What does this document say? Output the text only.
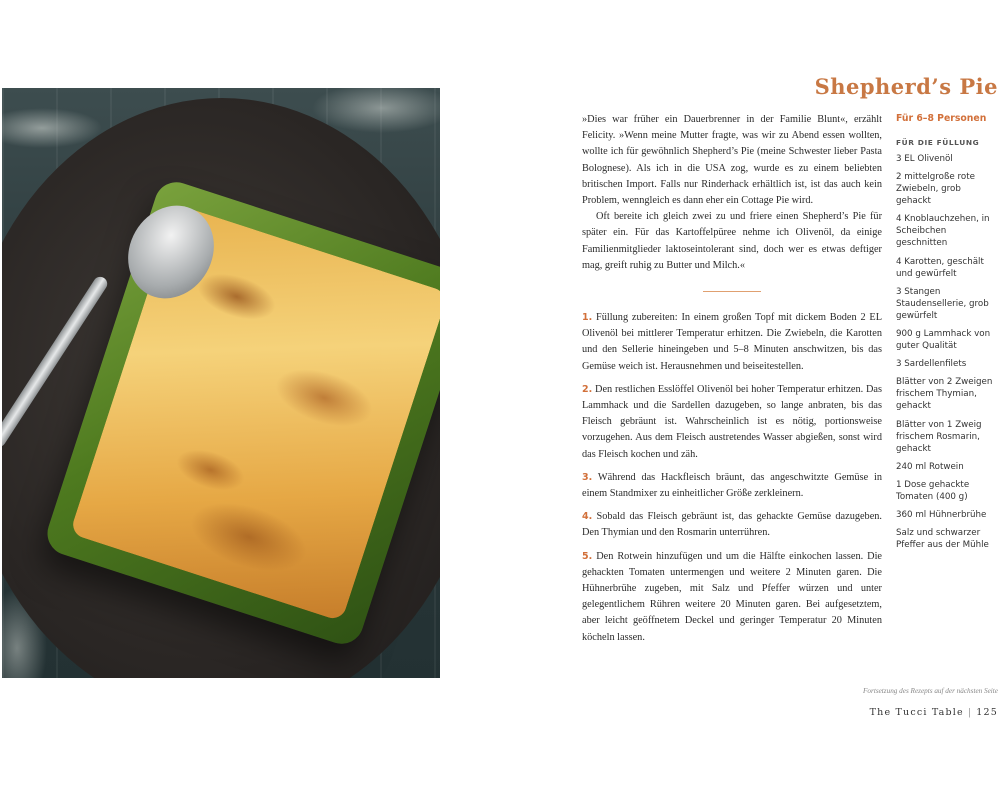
Shepherd’s Pie

»Dies war früher ein Dauerbrenner in der Familie Blunt«, erzählt Felicity. »Wenn meine Mutter fragte, was wir zu Abend essen wollten, wollte ich für gewöhnlich Shepherd’s Pie (meine Schwester lieber Pasta Bolognese). Als ich in die USA zog, wurde es zu einem beliebten britischen Import. Falls nur Rinderhack erhältlich ist, ist das auch kein Problem, wenngleich es dann eher ein Cottage Pie wird.

Oft bereite ich gleich zwei zu und friere einen Shepherd’s Pie für später ein. Für das Kartoffelpüree nehme ich Olivenöl, da einige Familienmitglieder laktoseintolerant sind, doch wer es etwas deftiger mag, greift ruhig zu Butter und Milch.«

1. Füllung zubereiten: In einem großen Topf mit dickem Boden 2 EL Olivenöl bei mittlerer Temperatur erhitzen. Die Zwiebeln, die Karotten und den Sellerie hineingeben und 5–8 Minuten anschwitzen, bis das Gemüse weich ist. Herausnehmen und beiseitestellen.

2. Den restlichen Esslöffel Olivenöl bei hoher Temperatur erhitzen. Das Lammhack und die Sardellen dazugeben, so lange anbraten, bis das Fleisch gebräunt ist. Wahrscheinlich ist es nötig, portionsweise vorzugehen. Aus dem Fleisch austretendes Wasser abgießen, sonst wird das Fleisch kochen und zäh.

3. Während das Hackfleisch bräunt, das angeschwitzte Gemüse in einem Standmixer zu einheitlicher Größe zerkleinern.

4. Sobald das Fleisch gebräunt ist, das gehackte Gemüse dazugeben. Den Thymian und den Rosmarin unterrühren.

5. Den Rotwein hinzufügen und um die Hälfte einkochen lassen. Die gehackten Tomaten untermengen und weitere 2 Minuten garen. Die Hühnerbrühe zugeben, mit Salz und Pfeffer würzen und unter gelegentlichem Rühren weitere 20 Minuten garen. Bei aufgesetztem, aber leicht geöffnetem Deckel und geringer Temperatur 20 Minuten köcheln lassen.

Für 6–8 Personen

FÜR DIE FÜLLUNG

3 EL Olivenöl
2 mittelgroße rote Zwiebeln, grob gehackt
4 Knoblauchzehen, in Scheibchen geschnitten
4 Karotten, geschält und gewürfelt
3 Stangen Staudensellerie, grob gewürfelt
900 g Lammhack von guter Qualität
3 Sardellenfilets
Blätter von 2 Zweigen frischem Thymian, gehackt
Blätter von 1 Zweig frischem Rosmarin, gehackt
240 ml Rotwein
1 Dose gehackte Tomaten (400 g)
360 ml Hühnerbrühe
Salz und schwarzer Pfeffer aus der Mühle

Fortsetzung des Rezepts auf der nächsten Seite

The Tucci Table | 125
